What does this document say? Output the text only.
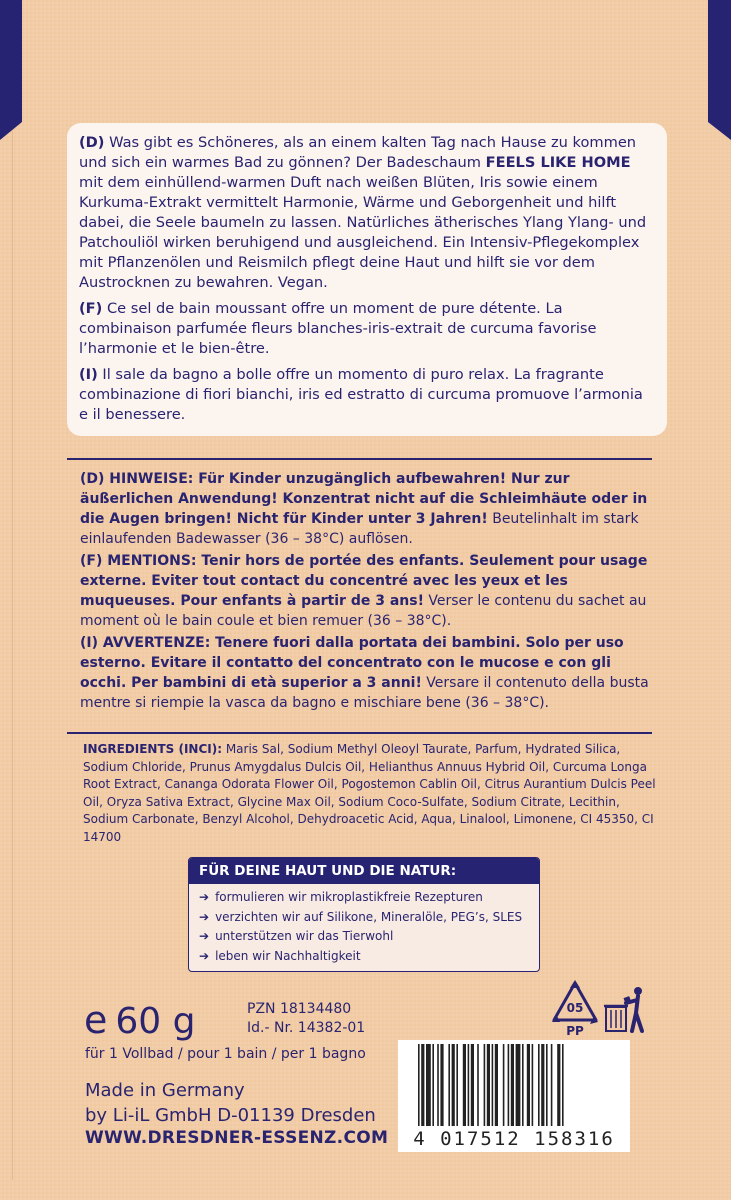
(D) Was gibt es Schöneres, als an einem kalten Tag nach Hause zu kommen und sich ein warmes Bad zu gönnen? Der Badeschaum FEELS LIKE HOME mit dem einhüllend-warmen Duft nach weißen Blüten, Iris sowie einem Kurkuma-Extrakt vermittelt Harmonie, Wärme und Geborgenheit und hilft dabei, die Seele baumeln zu lassen. Natürliches ätherisches Ylang Ylang- und Patchouliöl wirken beruhigend und ausgleichend. Ein Intensiv-Pflegekomplex mit Pflanzenölen und Reismilch pflegt deine Haut und hilft sie vor dem Austrocknen zu bewahren. Vegan.

(F) Ce sel de bain moussant offre un moment de pure détente. La combinaison parfumée fleurs blanches-iris-extrait de curcuma favorise l’harmonie et le bien-être.

(I) Il sale da bagno a bolle offre un momento di puro relax. La fragrante combinazione di fiori bianchi, iris ed estratto di curcuma promuove l’armonia e il benessere.

(D) HINWEISE: Für Kinder unzugänglich aufbewahren! Nur zur äußerlichen Anwendung! Konzentrat nicht auf die Schleimhäute oder in die Augen bringen! Nicht für Kinder unter 3 Jahren! Beutelinhalt im stark einlaufenden Badewasser (36 – 38°C) auflösen.

(F) MENTIONS: Tenir hors de portée des enfants. Seulement pour usage externe. Eviter tout contact du concentré avec les yeux et les muqueuses. Pour enfants à partir de 3 ans! Verser le contenu du sachet au moment où le bain coule et bien remuer (36 – 38°C).

(I) AVVERTENZE: Tenere fuori dalla portata dei bambini. Solo per uso esterno. Evitare il contatto del concentrato con le mucose e con gli occhi. Per bambini di età superior a 3 anni! Versare il contenuto della busta mentre si riempie la vasca da bagno e mischiare bene (36 – 38°C).

INGREDIENTS (INCI): Maris Sal, Sodium Methyl Oleoyl Taurate, Parfum, Hydrated Silica, Sodium Chloride, Prunus Amygdalus Dulcis Oil, Helianthus Annuus Hybrid Oil, Curcuma Longa Root Extract, Cananga Odorata Flower Oil, Pogostemon Cablin Oil, Citrus Aurantium Dulcis Peel Oil, Oryza Sativa Extract, Glycine Max Oil, Sodium Coco-Sulfate, Sodium Citrate, Lecithin, Sodium Carbonate, Benzyl Alcohol, Dehydroacetic Acid, Aqua, Linalool, Limonene, CI 45350, CI 14700
FÜR DEINE HAUT UND DIE NATUR:
➔ formulieren wir mikroplastikfreie Rezepturen
➔ verzichten wir auf Silikone, Mineralöle, PEG’s, SLES
➔ unterstützen wir das Tierwohl
➔ leben wir Nachhaltigkeit
e 60 g	PZN 18134480
Id.- Nr. 14382-01
für 1 Vollbad / pour 1 bain / per 1 bagno
Made in Germany
by Li-iL GmbH D-01139 Dresden
WWW.DRESDNER-ESSENZ.COM
05
PP
4 017512 158316
